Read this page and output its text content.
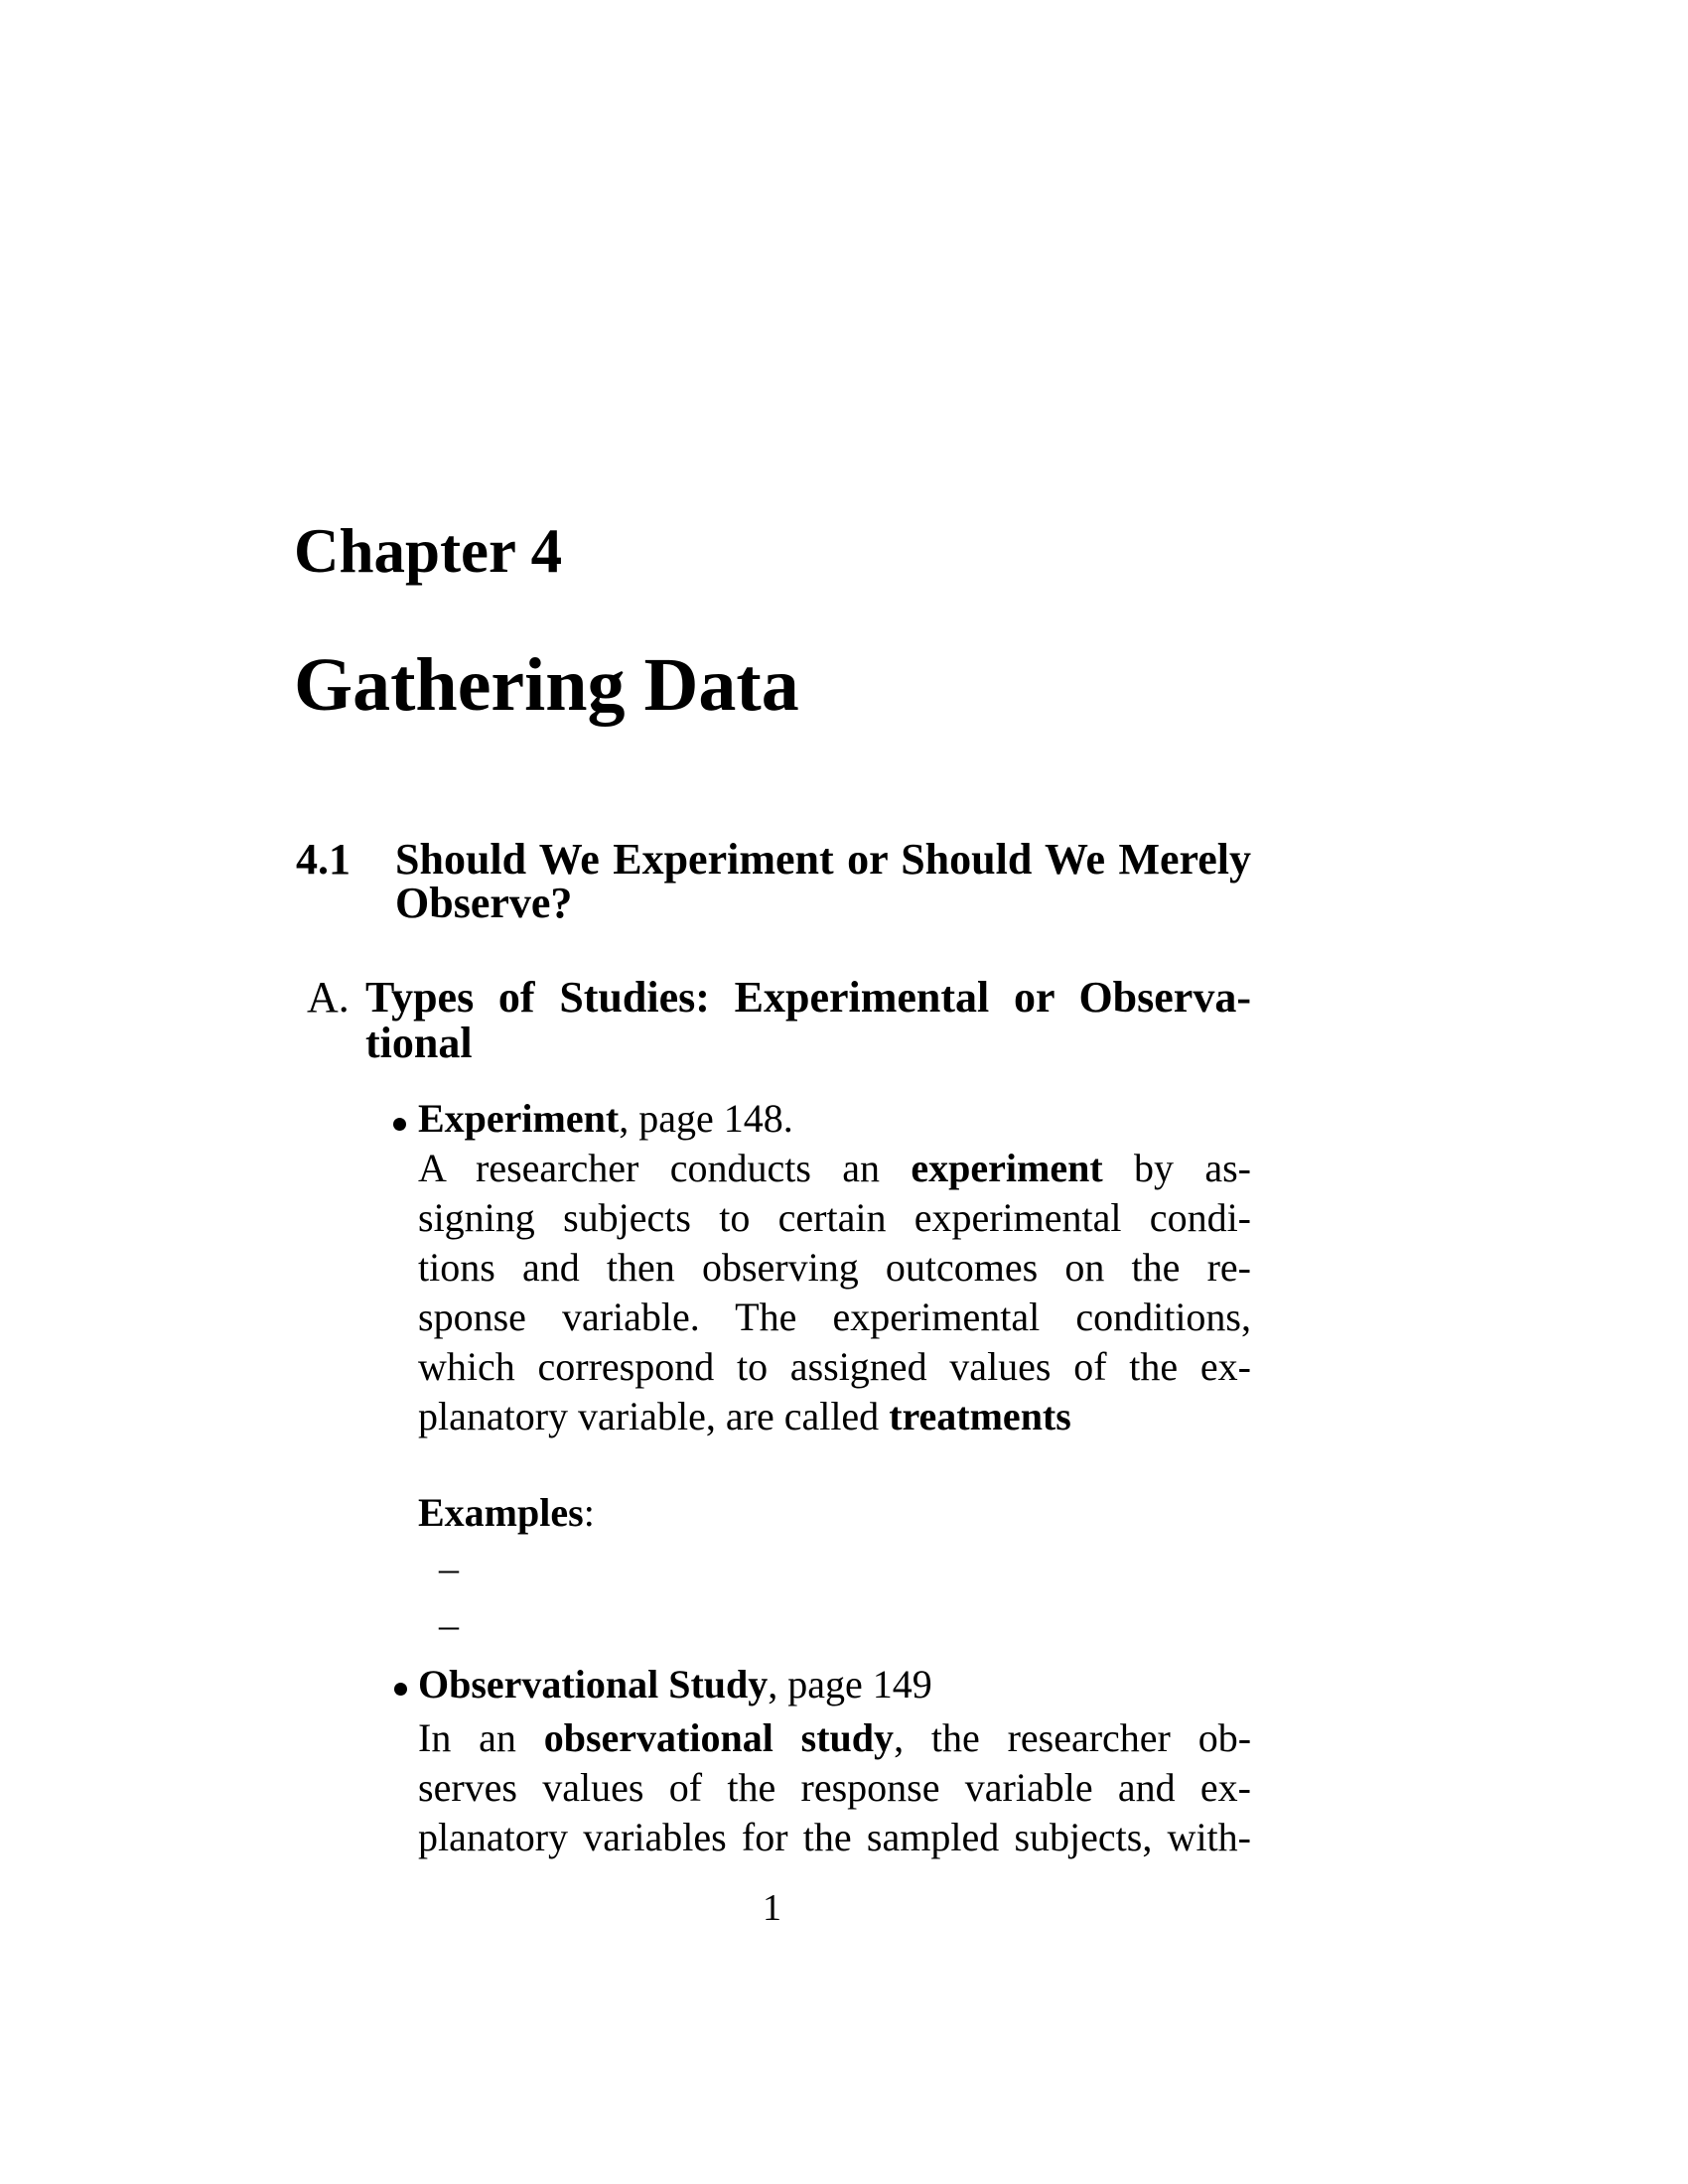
Chapter 4
Gathering Data
4.1 Should We Experiment or Should We Merely
Observe?
A. Types of Studies: Experimental or Observa-
tional
Experiment, page 148.
A researcher conducts an experiment by as-
signing subjects to certain experimental condi-
tions and then observing outcomes on the re-
sponse variable. The experimental conditions,
which correspond to assigned values of the ex-
planatory variable, are called treatments
Examples:
–
–
Observational Study, page 149
In an observational study, the researcher ob-
serves values of the response variable and ex-
planatory variables for the sampled subjects, with-
1
